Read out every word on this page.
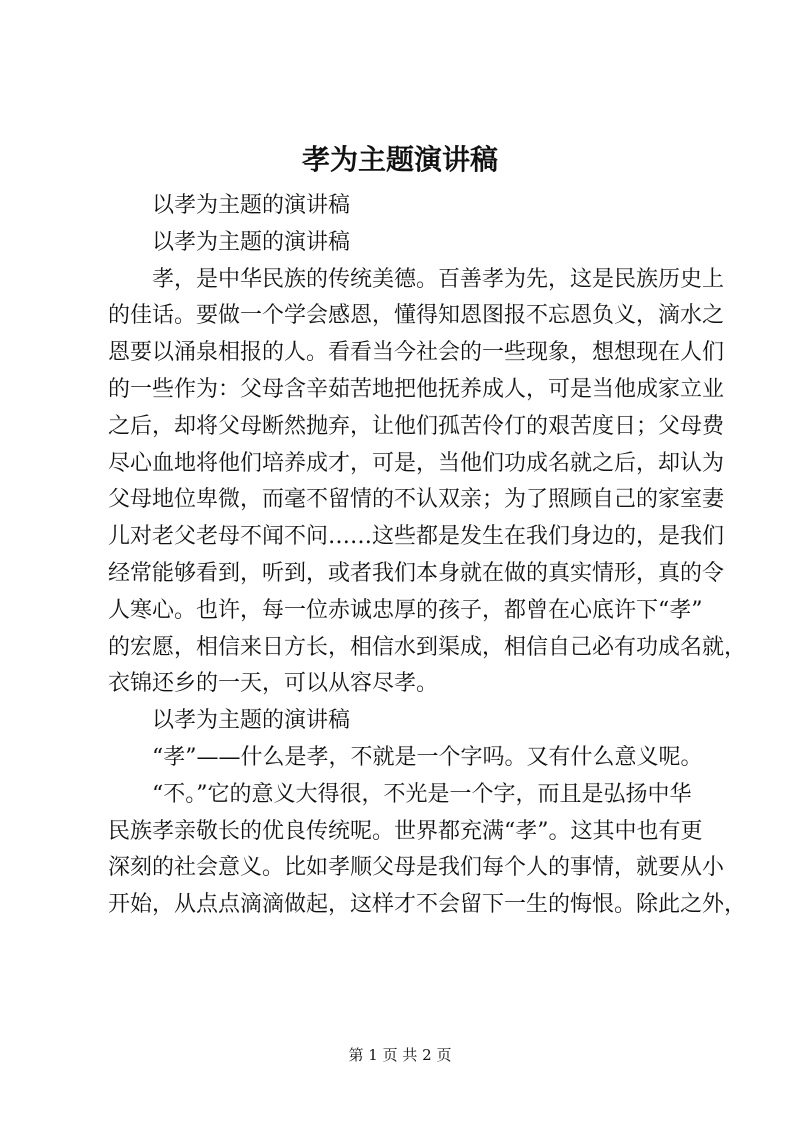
孝为主题演讲稿
以孝为主题的演讲稿
以孝为主题的演讲稿
孝，是中华民族的传统美德。百善孝为先，这是民族历史上
的佳话。要做一个学会感恩，懂得知恩图报不忘恩负义，滴水之
恩要以涌泉相报的人。看看当今社会的一些现象，想想现在人们
的一些作为：父母含辛茹苦地把他抚养成人，可是当他成家立业
之后，却将父母断然抛弃，让他们孤苦伶仃的艰苦度日；父母费
尽心血地将他们培养成才，可是，当他们功成名就之后，却认为
父母地位卑微，而毫不留情的不认双亲；为了照顾自己的家室妻
儿对老父老母不闻不问……这些都是发生在我们身边的，是我们
经常能够看到，听到，或者我们本身就在做的真实情形，真的令
人寒心。也许，每一位赤诚忠厚的孩子，都曾在心底许下“孝”
的宏愿，相信来日方长，相信水到渠成，相信自己必有功成名就，
衣锦还乡的一天，可以从容尽孝。
以孝为主题的演讲稿
“孝”——什么是孝，不就是一个字吗。又有什么意义呢。
“不。”它的意义大得很，不光是一个字，而且是弘扬中华
民族孝亲敬长的优良传统呢。世界都充满“孝”。这其中也有更
深刻的社会意义。比如孝顺父母是我们每个人的事情，就要从小
开始，从点点滴滴做起，这样才不会留下一生的悔恨。除此之外，
第 1 页 共 2 页
